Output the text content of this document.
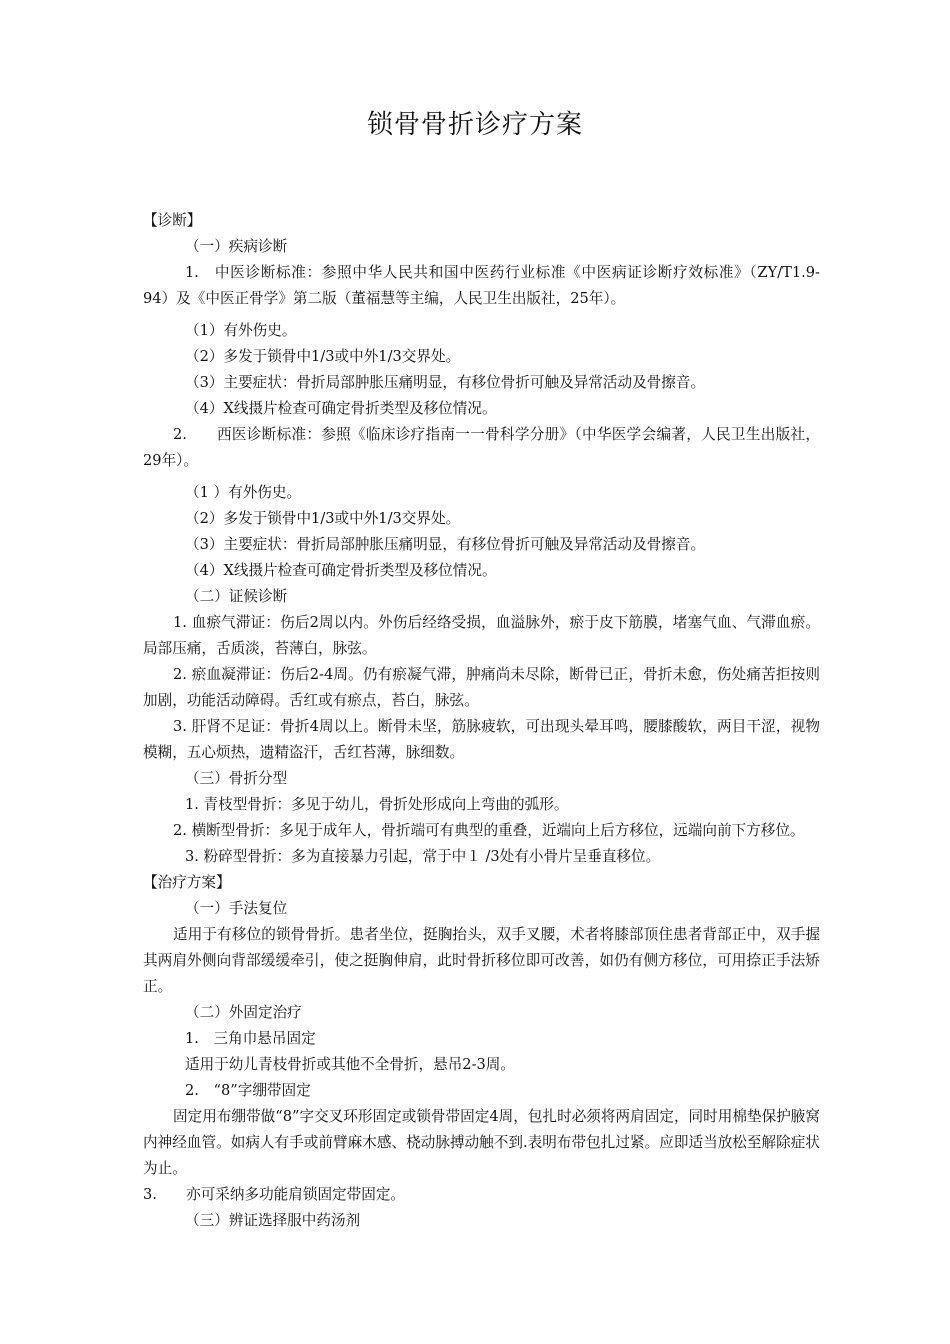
锁骨骨折诊疗方案
【诊断】
（一）疾病诊断
1.　中医诊断标准：参照中华人民共和国中医药行业标准《中医病证诊断疗效标准》（ZY/T1.9-94）及《中医正骨学》第二版（董福慧等主编，人民卫生出版社，25年）。
（1）有外伤史。
（2）多发于锁骨中1/3或中外1/3交界处。
（3）主要症状：骨折局部肿胀压痛明显，有移位骨折可触及异常活动及骨擦音。
（4）X线摄片检查可确定骨折类型及移位情况。
2.　　西医诊断标准：参照《临床诊疗指南一一骨科学分册》（中华医学会编著，人民卫生出版社，29年）。
（1 ）有外伤史。
（2）多发于锁骨中1/3或中外1/3交界处。
（3）主要症状：骨折局部肿胀压痛明显，有移位骨折可触及异常活动及骨擦音。
（4）X线摄片检查可确定骨折类型及移位情况。
（二）证候诊断
1. 血瘀气滞证：伤后2周以内。外伤后经络受损，血溢脉外，瘀于皮下筋膜，堵塞气血、气滞血瘀。局部压痛，舌质淡，苔薄白，脉弦。
2. 瘀血凝滞证：伤后2-4周。仍有瘀凝气滞，肿痛尚未尽除，断骨已正，骨折未愈，伤处痛苦拒按则加剧，功能活动障碍。舌红或有瘀点，苔白，脉弦。
3. 肝肾不足证：骨折4周以上。断骨未坚，筋脉疲软，可出现头晕耳鸣，腰膝酸软，两目干涩，视物模糊，五心烦热，遗精盗汗，舌红苔薄，脉细数。
（三）骨折分型
1. 青枝型骨折：多见于幼儿，骨折处形成向上弯曲的弧形。
2. 横断型骨折：多见于成年人，骨折端可有典型的重叠，近端向上后方移位，远端向前下方移位。
3. 粉碎型骨折：多为直接暴力引起，常于中１ /3处有小骨片呈垂直移位。
【治疗方案】
（一）手法复位
适用于有移位的锁骨骨折。患者坐位，挺胸抬头，双手叉腰，术者将膝部顶住患者背部正中，双手握其两肩外侧向背部缓缓牵引，使之挺胸伸肩，此时骨折移位即可改善，如仍有侧方移位，可用捺正手法矫正。
（二）外固定治疗
1.　三角巾悬吊固定
适用于幼儿青枝骨折或其他不全骨折，悬吊2-3周。
2.　“8”字绷带固定
固定用布绷带做“8”字交叉环形固定或锁骨带固定4周，包扎时必须将两肩固定，同时用棉垫保护腋窝内神经血管。如病人有手或前臂麻木感、桡动脉搏动触不到.表明布带包扎过紧。应即适当放松至解除症状为止。
3.　　亦可采纳多功能肩锁固定带固定。
（三）辨证选择服中药汤剂
